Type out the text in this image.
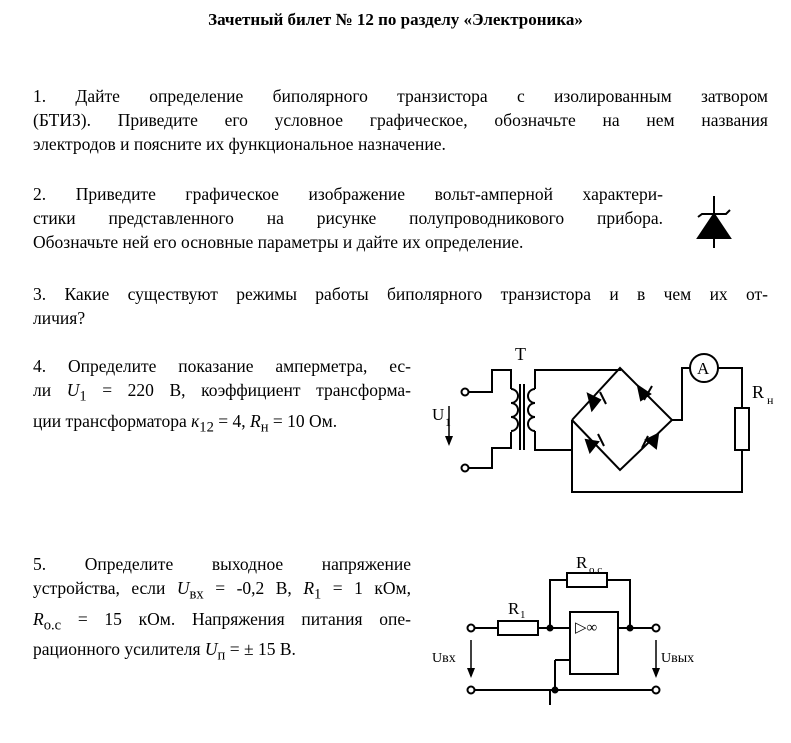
Зачетный билет № 12 по разделу «Электроника»
1. Дайте определение биполярного транзистора с изолированным затвором
(БТИЗ). Приведите его условное графическое, обозначьте на нем названия
электродов и поясните их функциональное назначение.
2. Приведите графическое изображение вольт-амперной характери-
стики представленного на рисунке полупроводникового прибора.
Обозначьте ней его основные параметры и дайте их определение.
3. Какие существуют режимы работы биполярного транзистора и в чем их от-
личия?
4. Определите показание амперметра, ес-
ли $U_1 = 220$ В, коэффициент трансформа-
ции трансформатора $к_{12} = 4$, $R_н = 10$ Ом.
5. Определите выходное напряжение
устройства, если $U_{вх} = -0,2$ В, $R_1 = 1$ кОм,
$R_{о.с} = 15$ кОм. Напряжения питания опе-
рационного усилителя $U_п$ = ± 15 В.
Т
U 1
A
R н
▷∞
R о.с
R 1
Uвх	Uвых
